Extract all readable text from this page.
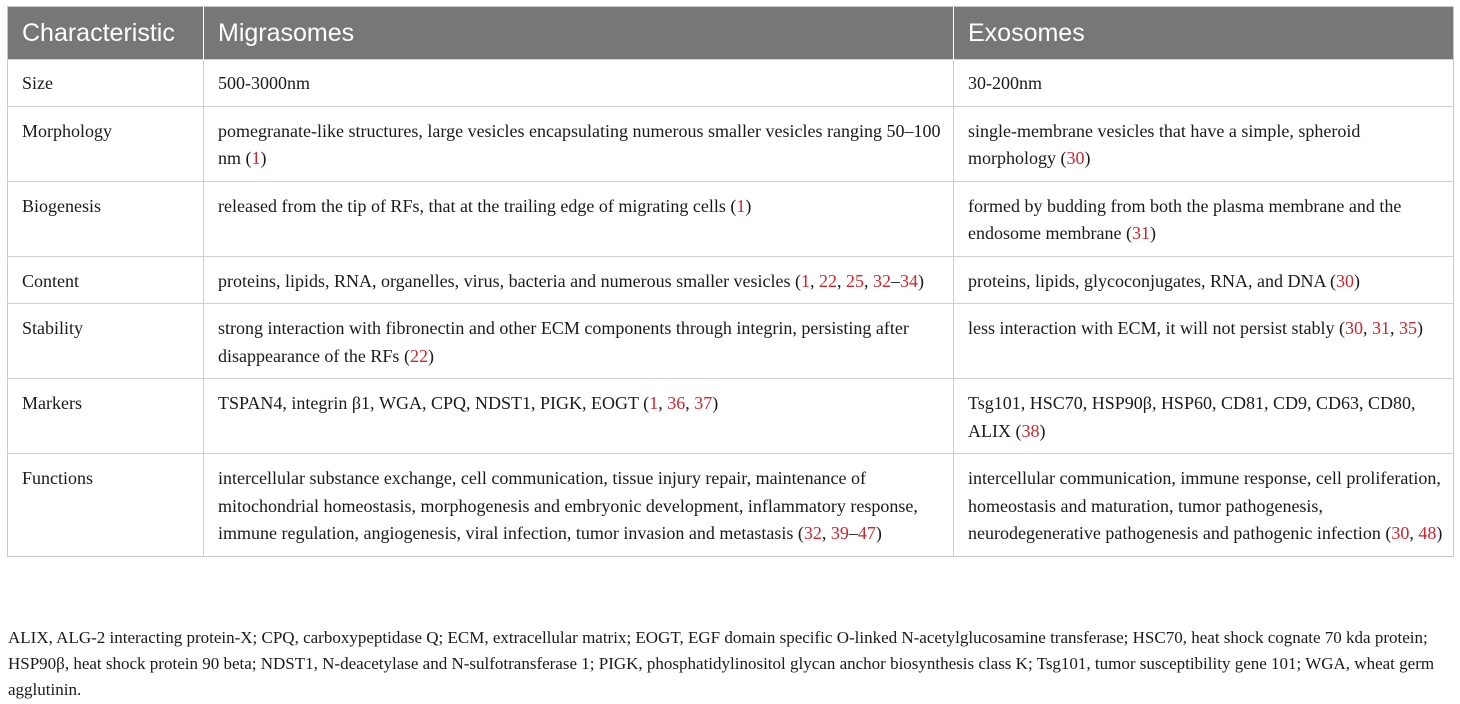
Characteristic	Migrasomes	Exosomes
Size	500-3000nm	30-200nm
Morphology	pomegranate-like structures, large vesicles encapsulating numerous smaller vesicles ranging 50–100 nm (1)	single-membrane vesicles that have a simple, spheroid morphology (30)
Biogenesis	released from the tip of RFs, that at the trailing edge of migrating cells (1)	formed by budding from both the plasma membrane and the endosome membrane (31)
Content	proteins, lipids, RNA, organelles, virus, bacteria and numerous smaller vesicles (1, 22, 25, 32–34)	proteins, lipids, glycoconjugates, RNA, and DNA (30)
Stability	strong interaction with fibronectin and other ECM components through integrin, persisting after disappearance of the RFs (22)	less interaction with ECM, it will not persist stably (30, 31, 35)
Markers	TSPAN4, integrin β1, WGA, CPQ, NDST1, PIGK, EOGT (1, 36, 37)	Tsg101, HSC70, HSP90β, HSP60, CD81, CD9, CD63, CD80, ALIX (38)
Functions	intercellular substance exchange, cell communication, tissue injury repair, maintenance of mitochondrial homeostasis, morphogenesis and embryonic development, inflammatory response, immune regulation, angiogenesis, viral infection, tumor invasion and metastasis (32, 39–47)	intercellular communication, immune response, cell proliferation, homeostasis and maturation, tumor pathogenesis, neurodegenerative pathogenesis and pathogenic infection (30, 48)
ALIX, ALG-2 interacting protein-X; CPQ, carboxypeptidase Q; ECM, extracellular matrix; EOGT, EGF domain specific O-linked N-acetylglucosamine transferase; HSC70, heat shock cognate 70 kda protein; HSP90β, heat shock protein 90 beta; NDST1, N-deacetylase and N-sulfotransferase 1; PIGK, phosphatidylinositol glycan anchor biosynthesis class K; Tsg101, tumor susceptibility gene 101; WGA, wheat germ agglutinin.
